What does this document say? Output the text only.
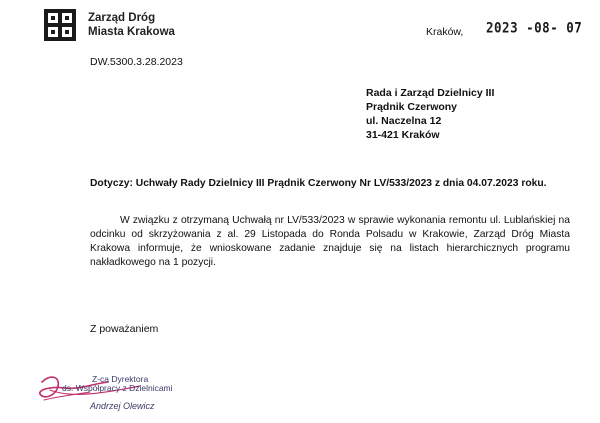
Zarząd Dróg
Miasta Krakowa	Kraków, 2023 -08- 07
DW.5300.3.28.2023
Rada i Zarząd Dzielnicy III
Prądnik Czerwony
ul. Naczelna 12
31-421 Kraków
Dotyczy: Uchwały Rady Dzielnicy III Prądnik Czerwony Nr LV/533/2023 z dnia 04.07.2023 roku.
W związku z otrzymaną Uchwałą nr LV/533/2023 w sprawie wykonania remontu ul. Lublańskiej na odcinku od skrzyżowania z al. 29 Listopada do Ronda Polsadu w Krakowie, Zarząd Dróg Miasta Krakowa informuje, że wnioskowane zadanie znajduje się na listach hierarchicznych programu nakładkowego na 1 pozycji.
Z poważaniem
Z-ca Dyrektora
ds. Współpracy z Dzielnicami
Andrzej Olewicz
